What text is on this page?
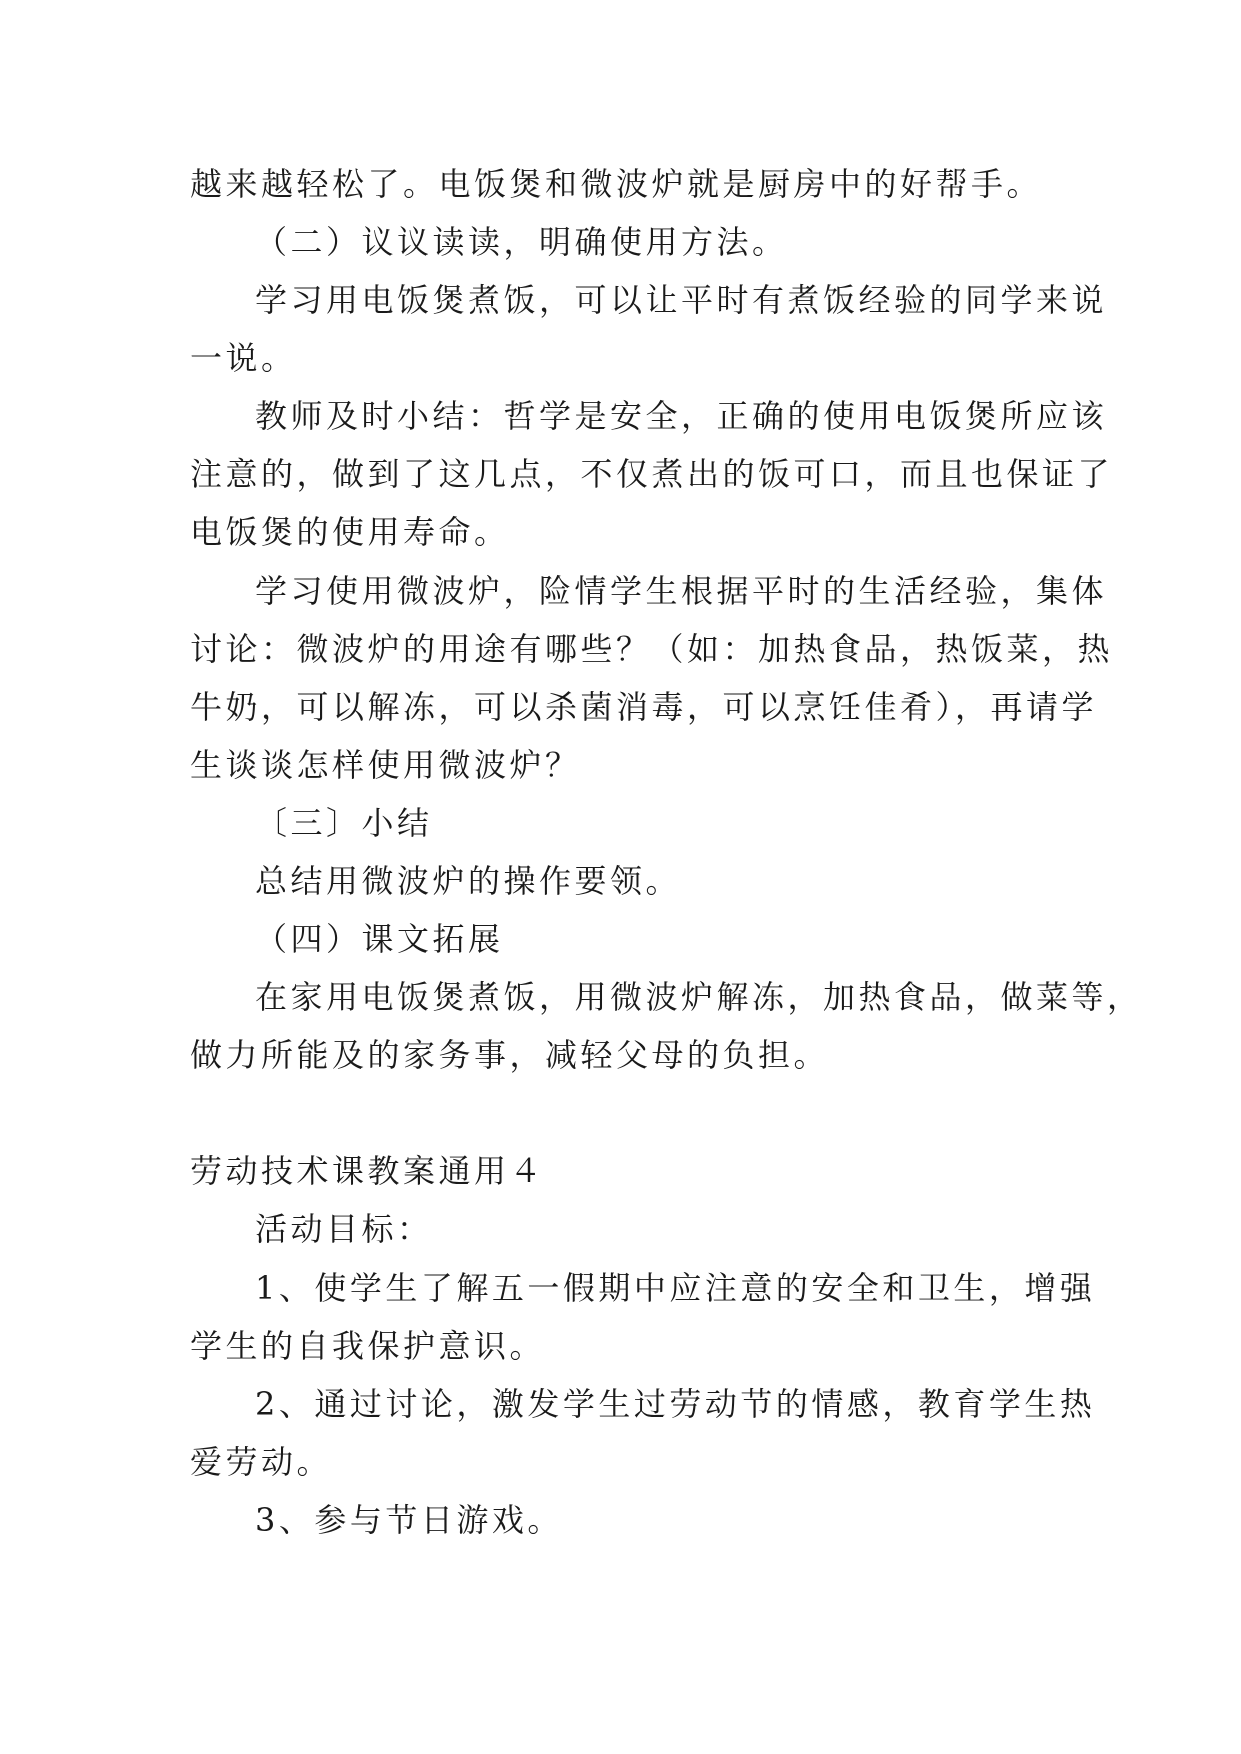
越来越轻松了。电饭煲和微波炉就是厨房中的好帮手。
（二）议议读读，明确使用方法。
学习用电饭煲煮饭，可以让平时有煮饭经验的同学来说
一说。
教师及时小结：哲学是安全，正确的使用电饭煲所应该
注意的，做到了这几点，不仅煮出的饭可口，而且也保证了
电饭煲的使用寿命。
学习使用微波炉，险情学生根据平时的生活经验，集体
讨论：微波炉的用途有哪些？（如：加热食品，热饭菜，热
牛奶，可以解冻，可以杀菌消毒，可以烹饪佳肴），再请学
生谈谈怎样使用微波炉？
〔三〕小结
总结用微波炉的操作要领。
（四）课文拓展
在家用电饭煲煮饭，用微波炉解冻，加热食品，做菜等，
做力所能及的家务事，减轻父母的负担。
劳动技术课教案通用４
活动目标：
1、使学生了解五一假期中应注意的安全和卫生，增强
学生的自我保护意识。
2、通过讨论，激发学生过劳动节的情感，教育学生热
爱劳动。
3、参与节日游戏。
